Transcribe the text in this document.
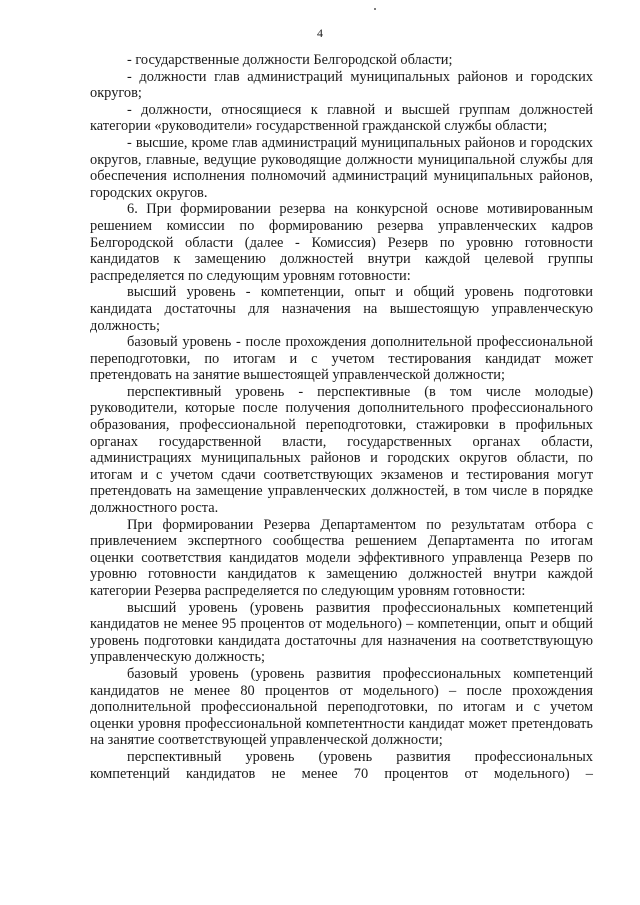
4

- государственные должности Белгородской области;

- должности глав администраций муниципальных районов и городских округов;

- должности, относящиеся к главной и высшей группам должностей категории «руководители» государственной гражданской службы области;

- высшие, кроме глав администраций муниципальных районов и городских округов, главные, ведущие руководящие должности муниципальной службы для обеспечения исполнения полномочий администраций муниципальных районов, городских округов.

6. При формировании резерва на конкурсной основе мотивированным решением комиссии по формированию резерва управленческих кадров Белгородской области (далее - Комиссия) Резерв по уровню готовности кандидатов к замещению должностей внутри каждой целевой группы распределяется по следующим уровням готовности:

высший уровень - компетенции, опыт и общий уровень подготовки кандидата достаточны для назначения на вышестоящую управленческую должность;

базовый уровень - после прохождения дополнительной профессиональной переподготовки, по итогам и с учетом тестирования кандидат может претендовать на занятие вышестоящей управленческой должности;

перспективный уровень - перспективные (в том числе молодые) руководители, которые после получения дополнительного профессионального образования, профессиональной переподготовки, стажировки в профильных органах государственной власти, государственных органах области, администрациях муниципальных районов и городских округов области, по итогам и с учетом сдачи соответствующих экзаменов и тестирования могут претендовать на замещение управленческих должностей, в том числе в порядке должностного роста.

При формировании Резерва Департаментом по результатам отбора с привлечением экспертного сообщества решением Департамента по итогам оценки соответствия кандидатов модели эффективного управленца Резерв по уровню готовности кандидатов к замещению должностей внутри каждой категории Резерва распределяется по следующим уровням готовности:

высший уровень (уровень развития профессиональных компетенций кандидатов не менее 95 процентов от модельного) – компетенции, опыт и общий уровень подготовки кандидата достаточны для назначения на соответствующую управленческую должность;

базовый уровень (уровень развития профессиональных компетенций кандидатов не менее 80 процентов от модельного) – после прохождения дополнительной профессиональной переподготовки, по итогам и с учетом оценки уровня профессиональной компетентности кандидат может претендовать на занятие соответствующей управленческой должности;

перспективный уровень (уровень развития профессиональных компетенций кандидатов не менее 70 процентов от модельного) –
